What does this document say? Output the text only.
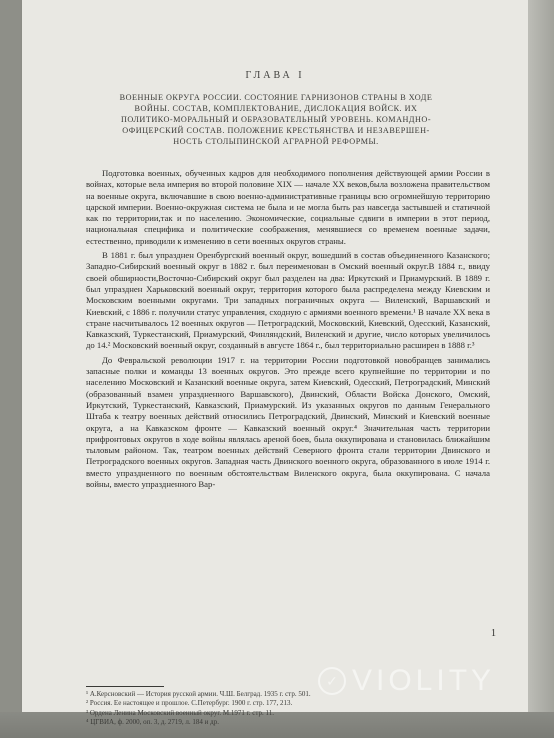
ГЛАВА I
ВОЕННЫЕ ОКРУГА РОССИИ. СОСТОЯНИЕ ГАРНИЗОНОВ СТРАНЫ В ХОДЕ
ВОЙНЫ. СОСТАВ, КОМПЛЕКТОВАНИЕ, ДИСЛОКАЦИЯ ВОЙСК. ИХ
ПОЛИТИКО-МОРАЛЬНЫЙ И ОБРАЗОВАТЕЛЬНЫЙ УРОВЕНЬ. КОМАНДНО-
ОФИЦЕРСКИЙ СОСТАВ. ПОЛОЖЕНИЕ КРЕСТЬЯНСТВА И НЕЗАВЕРШЕН-
НОСТЬ СТОЛЫПИНСКОЙ АГРАРНОЙ РЕФОРМЫ.

Подготовка военных, обученных кадров для необходимого пополнения действующей армии России в войнах, которые вела империя во второй половине XIX — начале XX веков,была возложена правительством на военные округа, включавшие в свою военно-административные границы всю огромнейшую территорию царской империи. Военно-окружная система не была и не могла быть раз навсегда застывшей и статичной как по территории,так и по населению. Экономические, социальные сдвиги в империи в этот период, национальная специфика и политические соображения, менявшиеся со временем военные задачи, естественно, приводили к изменению в сети военных округов страны.

В 1881 г. был упразднен Оренбургский военный округ, вошедший в состав объединенного Казанского; Западно-Сибирский военный округ в 1882 г. был переименован в Омский военный округ.В 1884 г., ввиду своей обширности,Восточно-Сибирский округ был разделен на два: Иркутский и Приамурский. В 1889 г. был упразднен Харьковский военный округ, территория которого была распределена между Киевским и Московским военными округами. Три западных пограничных округа — Виленский, Варшавский и Киевский, с 1886 г. получили статус управления, сходную с армиями военного времени.¹ В начале XX века в стране насчитывалось 12 военных округов — Петроградский, Московский, Киевский, Одесский, Казанский, Кавказский, Туркестанский, Приамурский, Финляндский, Виленский и другие, число которых увеличилось до 14.² Московский военный округ, созданный в августе 1864 г., был территориально расширен в 1888 г.³

До Февральской революции 1917 г. на территории России подготовкой новобранцев занимались запасные полки и команды 13 военных округов. Это прежде всего крупнейшие по территории и по населению Московский и Казанский военные округа, затем Киевский, Одесский, Петроградский, Минский (образованный взамен упраздненного Варшавского), Двинский, Области Войска Донского, Омский, Иркутский, Туркестанский, Кавказский, Приамурский. Из указанных округов по данным Генерального Штаба к театру военных действий относились Петроградский, Двинский, Минский и Киевский военные округа, а на Кавказском фронте — Кавказский военный округ.⁴ Значительная часть территории прифронтовых округов в ходе войны являлась ареной боев, была оккупирована и становилась ближайшим тыловым районом. Так, театром военных действий Северного фронта стали территории Двинского и Петроградского военных округов. Западная часть Двинского военного округа, образованного в июле 1914 г. вместо упраздненного по военным обстоятельствам Виленского округа, была оккупирована. С начала войны, вместо упраздненного Вар-

1
¹ А.Керсновский — История русской армии. Ч.Ш. Белград. 1935 г. стр. 501.
² Россия. Ее настоящее и прошлое. С.Петербург. 1900 г. стр. 177, 213.
³ Ордена Ленина Московский военный округ. М.1971 г. стр. 11.
⁴ ЦГВИА, ф. 2000, оп. 3, д. 2719, л. 184 и др.
✓ VIOLITY
